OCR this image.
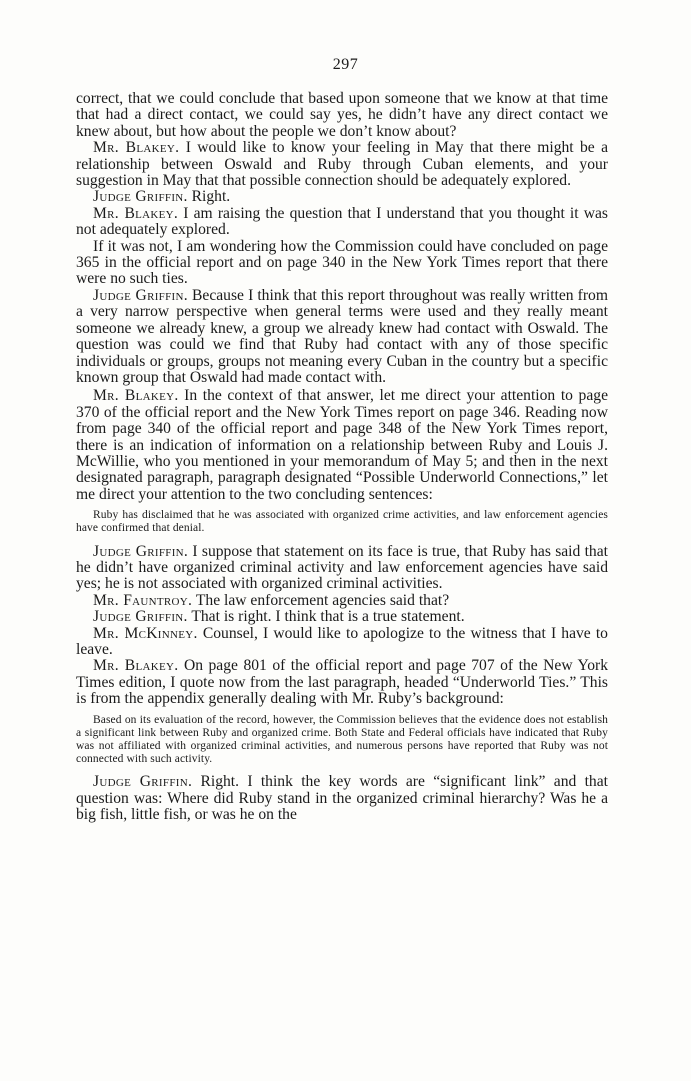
297

correct, that we could conclude that based upon someone that we know at that time that had a direct contact, we could say yes, he didn’t have any direct contact we knew about, but how about the people we don’t know about?

Mr. Blakey. I would like to know your feeling in May that there might be a relationship between Oswald and Ruby through Cuban elements, and your suggestion in May that that possible connection should be adequately explored.

Judge Griffin. Right.

Mr. Blakey. I am raising the question that I understand that you thought it was not adequately explored.

If it was not, I am wondering how the Commission could have concluded on page 365 in the official report and on page 340 in the New York Times report that there were no such ties.

Judge Griffin. Because I think that this report throughout was really written from a very narrow perspective when general terms were used and they really meant someone we already knew, a group we already knew had contact with Oswald. The question was could we find that Ruby had contact with any of those specific individuals or groups, groups not meaning every Cuban in the country but a specific known group that Oswald had made contact with.

Mr. Blakey. In the context of that answer, let me direct your attention to page 370 of the official report and the New York Times report on page 346. Reading now from page 340 of the official report and page 348 of the New York Times report, there is an indication of information on a relationship between Ruby and Louis J. McWillie, who you mentioned in your memorandum of May 5; and then in the next designated paragraph, paragraph designated “Possible Underworld Connections,” let me direct your attention to the two concluding sentences:

Ruby has disclaimed that he was associated with organized crime activities, and law enforcement agencies have confirmed that denial.

Judge Griffin. I suppose that statement on its face is true, that Ruby has said that he didn’t have organized criminal activity and law enforcement agencies have said yes; he is not associated with organized criminal activities.

Mr. Fauntroy. The law enforcement agencies said that?

Judge Griffin. That is right. I think that is a true statement.

Mr. McKinney. Counsel, I would like to apologize to the witness that I have to leave.

Mr. Blakey. On page 801 of the official report and page 707 of the New York Times edition, I quote now from the last paragraph, headed “Underworld Ties.” This is from the appendix generally dealing with Mr. Ruby’s background:

Based on its evaluation of the record, however, the Commission believes that the evidence does not establish a significant link between Ruby and organized crime. Both State and Federal officials have indicated that Ruby was not affiliated with organized criminal activities, and numerous persons have reported that Ruby was not connected with such activity.

Judge Griffin. Right. I think the key words are “significant link” and that question was: Where did Ruby stand in the organized criminal hierarchy? Was he a big fish, little fish, or was he on the
